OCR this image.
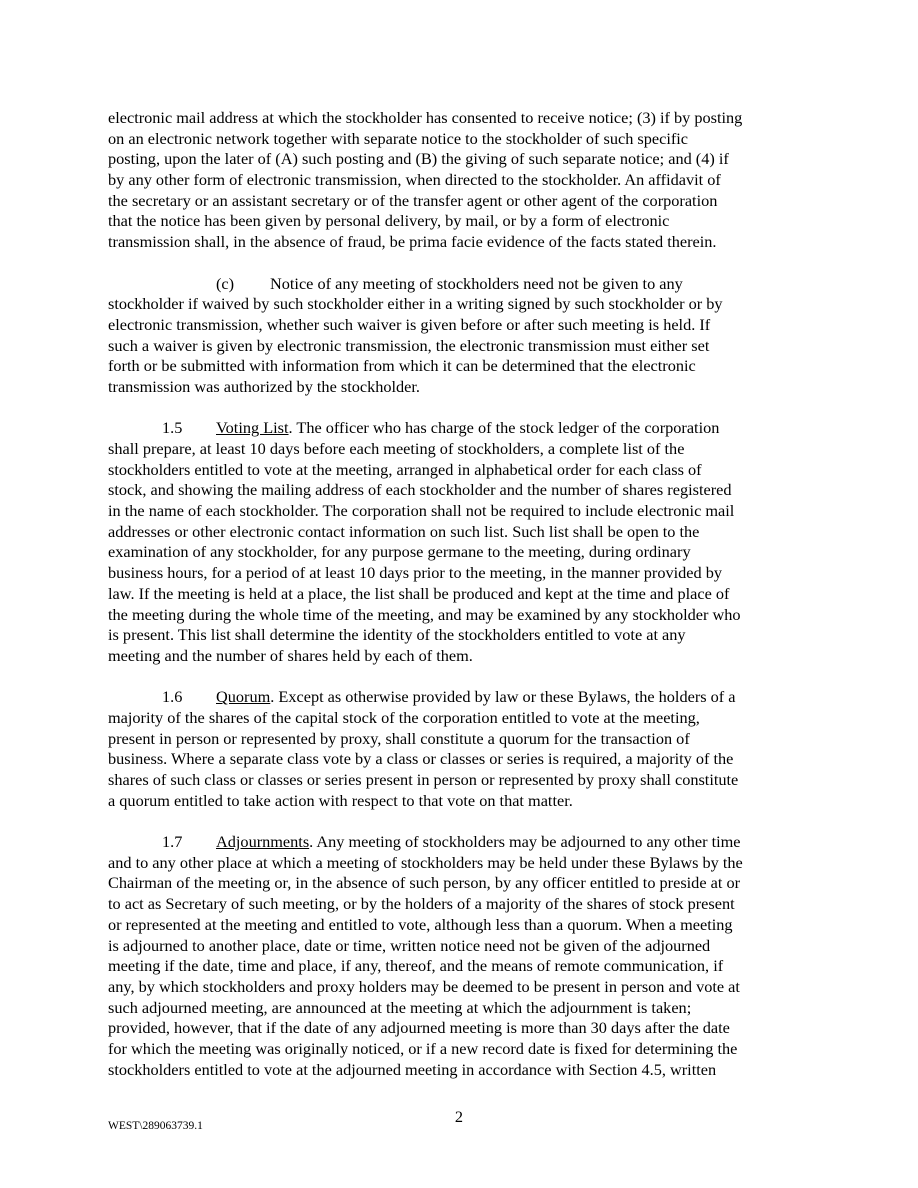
electronic mail address at which the stockholder has consented to receive notice; (3) if by posting
on an electronic network together with separate notice to the stockholder of such specific
posting, upon the later of (A) such posting and (B) the giving of such separate notice; and (4) if
by any other form of electronic transmission, when directed to the stockholder. An affidavit of
the secretary or an assistant secretary or of the transfer agent or other agent of the corporation
that the notice has been given by personal delivery, by mail, or by a form of electronic
transmission shall, in the absence of fraud, be prima facie evidence of the facts stated therein.
(c) Notice of any meeting of stockholders need not be given to any
stockholder if waived by such stockholder either in a writing signed by such stockholder or by
electronic transmission, whether such waiver is given before or after such meeting is held. If
such a waiver is given by electronic transmission, the electronic transmission must either set
forth or be submitted with information from which it can be determined that the electronic
transmission was authorized by the stockholder.
1.5 Voting List. The officer who has charge of the stock ledger of the corporation
shall prepare, at least 10 days before each meeting of stockholders, a complete list of the
stockholders entitled to vote at the meeting, arranged in alphabetical order for each class of
stock, and showing the mailing address of each stockholder and the number of shares registered
in the name of each stockholder. The corporation shall not be required to include electronic mail
addresses or other electronic contact information on such list. Such list shall be open to the
examination of any stockholder, for any purpose germane to the meeting, during ordinary
business hours, for a period of at least 10 days prior to the meeting, in the manner provided by
law. If the meeting is held at a place, the list shall be produced and kept at the time and place of
the meeting during the whole time of the meeting, and may be examined by any stockholder who
is present. This list shall determine the identity of the stockholders entitled to vote at any
meeting and the number of shares held by each of them.
1.6 Quorum. Except as otherwise provided by law or these Bylaws, the holders of a
majority of the shares of the capital stock of the corporation entitled to vote at the meeting,
present in person or represented by proxy, shall constitute a quorum for the transaction of
business. Where a separate class vote by a class or classes or series is required, a majority of the
shares of such class or classes or series present in person or represented by proxy shall constitute
a quorum entitled to take action with respect to that vote on that matter.
1.7 Adjournments. Any meeting of stockholders may be adjourned to any other time
and to any other place at which a meeting of stockholders may be held under these Bylaws by the
Chairman of the meeting or, in the absence of such person, by any officer entitled to preside at or
to act as Secretary of such meeting, or by the holders of a majority of the shares of stock present
or represented at the meeting and entitled to vote, although less than a quorum. When a meeting
is adjourned to another place, date or time, written notice need not be given of the adjourned
meeting if the date, time and place, if any, thereof, and the means of remote communication, if
any, by which stockholders and proxy holders may be deemed to be present in person and vote at
such adjourned meeting, are announced at the meeting at which the adjournment is taken;
provided, however, that if the date of any adjourned meeting is more than 30 days after the date
for which the meeting was originally noticed, or if a new record date is fixed for determining the
stockholders entitled to vote at the adjourned meeting in accordance with Section 4.5, written
2
WEST\289063739.1
